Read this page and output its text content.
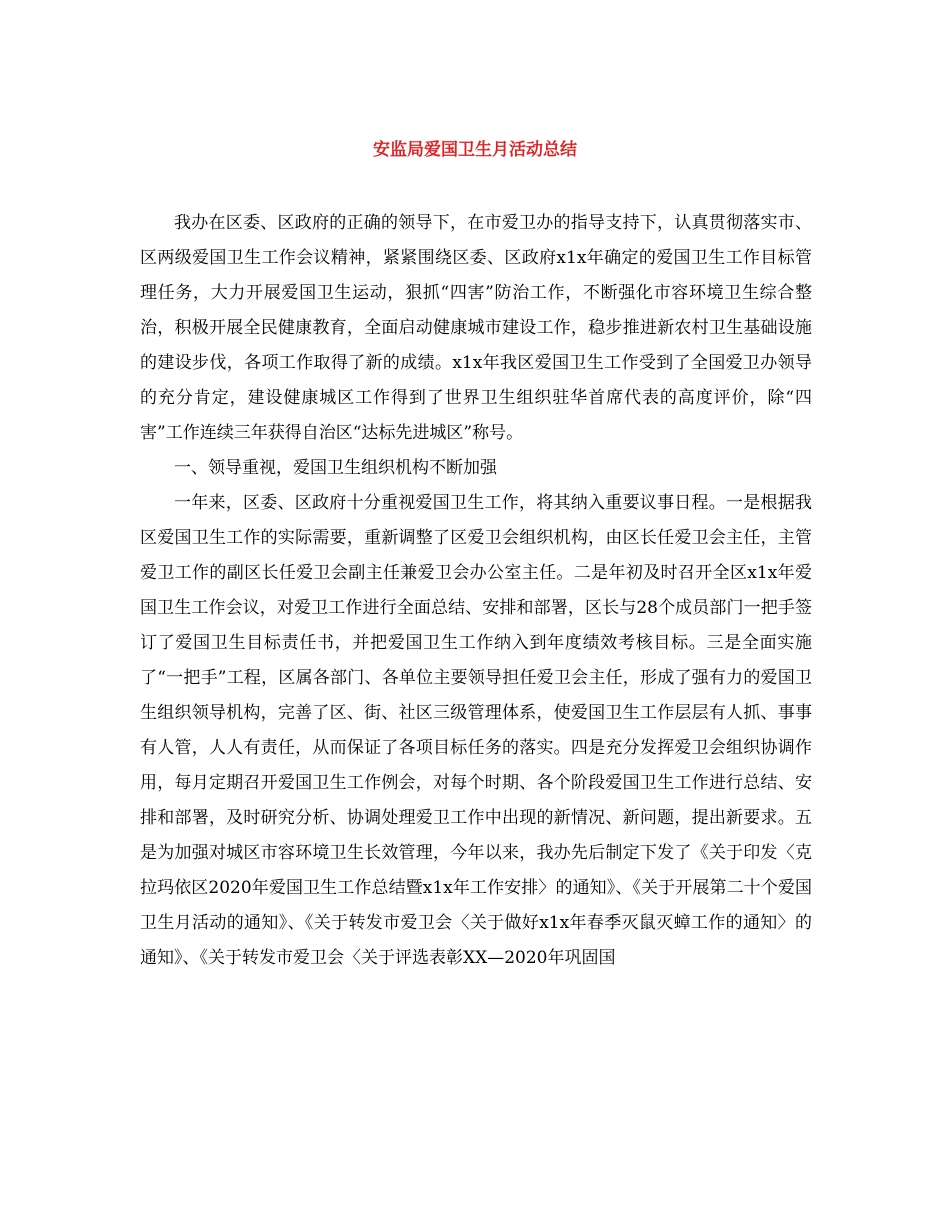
安监局爱国卫生月活动总结

我办在区委、区政府的正确的领导下，在市爱卫办的指导支持下，认真贯彻落实市、区两级爱国卫生工作会议精神，紧紧围绕区委、区政府x1x年确定的爱国卫生工作目标管理任务，大力开展爱国卫生运动，狠抓“四害”防治工作，不断强化市容环境卫生综合整治，积极开展全民健康教育，全面启动健康城市建设工作，稳步推进新农村卫生基础设施的建设步伐，各项工作取得了新的成绩。x1x年我区爱国卫生工作受到了全国爱卫办领导的充分肯定，建设健康城区工作得到了世界卫生组织驻华首席代表的高度评价，除“四害”工作连续三年获得自治区“达标先进城区”称号。

一、领导重视，爱国卫生组织机构不断加强

一年来，区委、区政府十分重视爱国卫生工作，将其纳入重要议事日程。一是根据我区爱国卫生工作的实际需要，重新调整了区爱卫会组织机构，由区长任爱卫会主任，主管爱卫工作的副区长任爱卫会副主任兼爱卫会办公室主任。二是年初及时召开全区x1x年爱国卫生工作会议，对爱卫工作进行全面总结、安排和部署，区长与28个成员部门一把手签订了爱国卫生目标责任书，并把爱国卫生工作纳入到年度绩效考核目标。三是全面实施了“一把手”工程，区属各部门、各单位主要领导担任爱卫会主任，形成了强有力的爱国卫生组织领导机构，完善了区、街、社区三级管理体系，使爱国卫生工作层层有人抓、事事有人管，人人有责任，从而保证了各项目标任务的落实。四是充分发挥爱卫会组织协调作用，每月定期召开爱国卫生工作例会，对每个时期、各个阶段爱国卫生工作进行总结、安排和部署，及时研究分析、协调处理爱卫工作中出现的新情况、新问题，提出新要求。五是为加强对城区市容环境卫生长效管理，今年以来，我办先后制定下发了《关于印发〈克拉玛依区2020年爱国卫生工作总结暨x1x年工作安排〉的通知》、《关于开展第二十个爱国卫生月活动的通知》、《关于转发市爱卫会〈关于做好x1x年春季灭鼠灭蟑工作的通知〉的通知》、《关于转发市爱卫会〈关于评选表彰XX—2020年巩固国
